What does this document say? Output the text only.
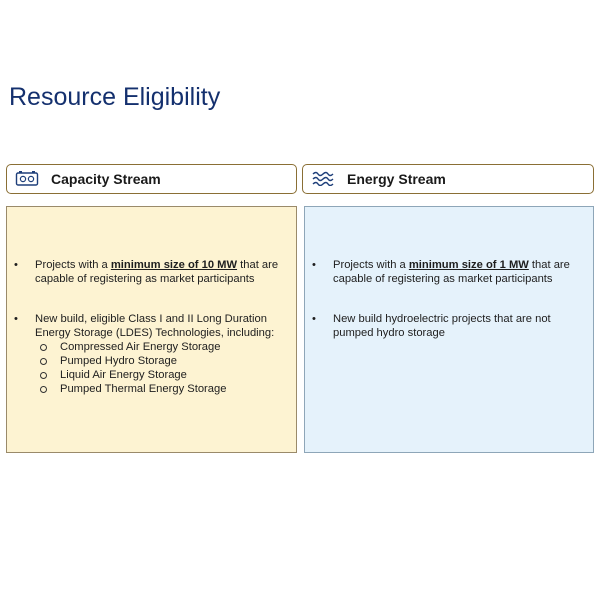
Resource Eligibility
Capacity Stream	Energy Stream
• Projects with a minimum size of 10 MW that are capable of registering as market participants
• New build, eligible Class I and II Long Duration Energy Storage (LDES) Technologies, including:
Compressed Air Energy Storage
Pumped Hydro Storage
Liquid Air Energy Storage
Pumped Thermal Energy Storage
• Projects with a minimum size of 1 MW that are capable of registering as market participants
• New build hydroelectric projects that are not pumped hydro storage
